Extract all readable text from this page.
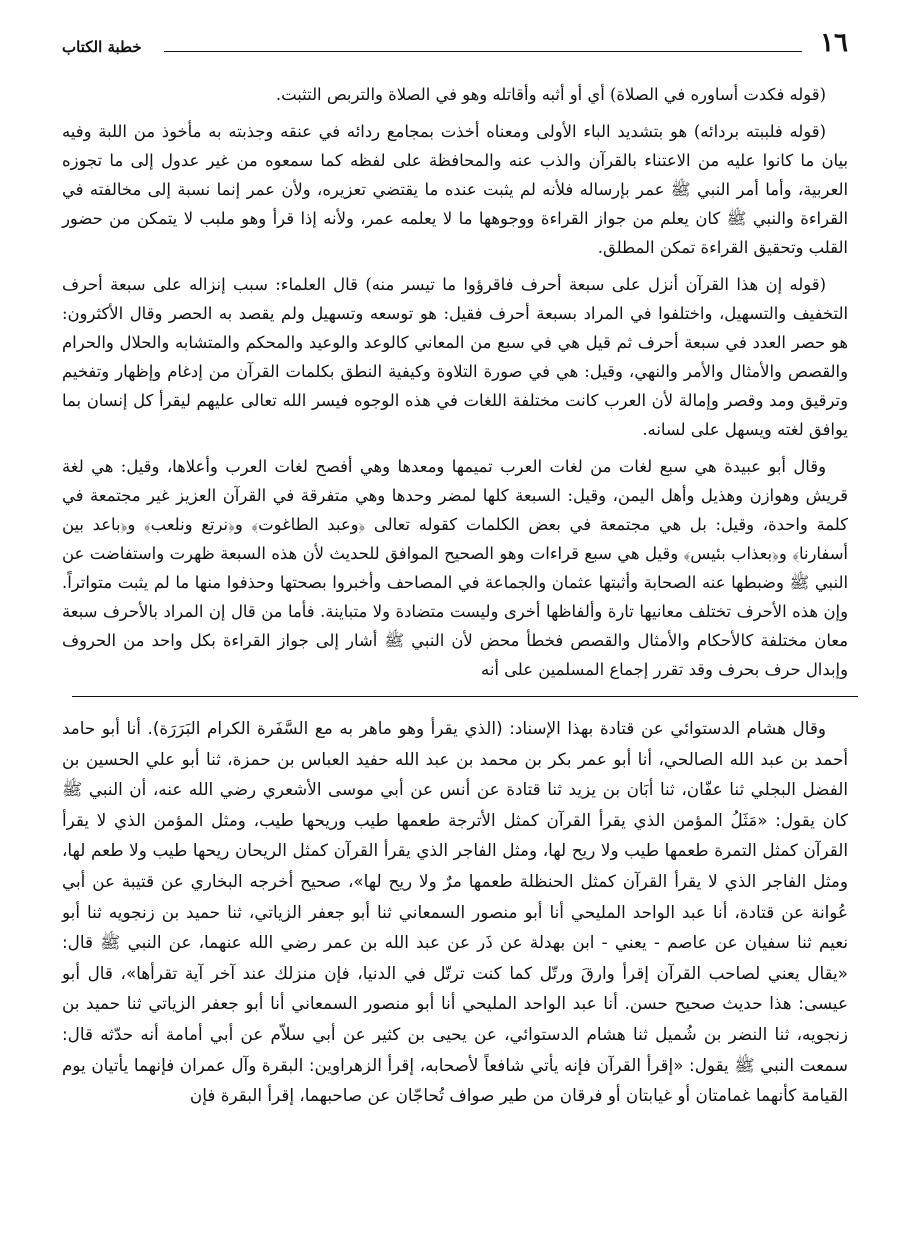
١٦
خطبة الكتاب

(قوله فكدت أساوره في الصلاة) أي أو أثبه وأقاتله وهو في الصلاة والتربص التثبت.

(قوله فلببته بردائه) هو بتشديد الباء الأولى ومعناه أخذت بمجامع ردائه في عنقه وجذبته به مأخوذ من اللبة وفيه بيان ما كانوا عليه من الاعتناء بالقرآن والذب عنه والمحافظة على لفظه كما سمعوه من غير عدول إلى ما تجوزه العربية، وأما أمر النبي ﷺ عمر بإرساله فلأنه لم يثبت عنده ما يقتضي تعزيره، ولأن عمر إنما نسبة إلى مخالفته في القراءة والنبي ﷺ كان يعلم من جواز القراءة ووجوهها ما لا يعلمه عمر، ولأنه إذا قرأ وهو ملبب لا يتمكن من حضور القلب وتحقيق القراءة تمكن المطلق.

(قوله إن هذا القرآن أنزل على سبعة أحرف فاقرؤوا ما تيسر منه) قال العلماء: سبب إنزاله على سبعة أحرف التخفيف والتسهيل، واختلفوا في المراد بسبعة أحرف فقيل: هو توسعه وتسهيل ولم يقصد به الحصر وقال الأكثرون: هو حصر العدد في سبعة أحرف ثم قيل هي في سبع من المعاني كالوعد والوعيد والمحكم والمتشابه والحلال والحرام والقصص والأمثال والأمر والنهي، وقيل: هي في صورة التلاوة وكيفية النطق بكلمات القرآن من إدغام وإظهار وتفخيم وترقيق ومد وقصر وإمالة لأن العرب كانت مختلفة اللغات في هذه الوجوه فيسر الله تعالى عليهم ليقرأ كل إنسان بما يوافق لغته ويسهل على لسانه.

وقال أبو عبيدة هي سبع لغات من لغات العرب تميمها ومعدها وهي أفصح لغات العرب وأعلاها، وقيل: هي لغة قريش وهوازن وهذيل وأهل اليمن، وقيل: السبعة كلها لمضر وحدها وهي متفرقة في القرآن العزيز غير مجتمعة في كلمة واحدة، وقيل: بل هي مجتمعة في بعض الكلمات كقوله تعالى ﴿وعبد الطاغوت﴾ و﴿نرتع ونلعب﴾ و﴿باعد بين أسفارنا﴾ و﴿بعذاب بئيس﴾ وقيل هي سبع قراءات وهو الصحيح الموافق للحديث لأن هذه السبعة ظهرت واستفاضت عن النبي ﷺ وضبطها عنه الصحابة وأثبتها عثمان والجماعة في المصاحف وأخبروا بصحتها وحذفوا منها ما لم يثبت متواتراً. وإن هذه الأحرف تختلف معانيها تارة وألفاظها أخرى وليست متضادة ولا متباينة. فأما من قال إن المراد بالأحرف سبعة معان مختلفة كالأحكام والأمثال والقصص فخطأ محض لأن النبي ﷺ أشار إلى جواز القراءة بكل واحد من الحروف وإبدال حرف بحرف وقد تقرر إجماع المسلمين على أنه

وقال هشام الدستوائي عن قتادة بهذا الإسناد: (الذي يقرأ وهو ماهر به مع السَّفَرة الكرام البَرَرَة). أنا أبو حامد أحمد بن عبد الله الصالحي، أنا أبو عمر بكر بن محمد بن عبد الله حفيد العباس بن حمزة، ثنا أبو علي الحسين بن الفضل البجلي ثنا عفّان، ثنا أبَان بن يزيد ثنا قتادة عن أنس عن أبي موسى الأشعري رضي الله عنه، أن النبي ﷺ كان يقول: «مَثَلُ المؤمن الذي يقرأ القرآن كمثل الأترجة طعمها طيب وريحها طيب، ومثل المؤمن الذي لا يقرأ القرآن كمثل التمرة طعمها طيب ولا ريح لها، ومثل الفاجر الذي يقرأ القرآن كمثل الريحان ريحها طيب ولا طعم لها، ومثل الفاجر الذي لا يقرأ القرآن كمثل الحنظلة طعمها مرٌ ولا ريح لها»، صحيح أخرجه البخاري عن قتيبة عن أبي عُوانة عن قتادة، أنا عبد الواحد المليحي أنا أبو منصور السمعاني ثنا أبو جعفر الزياتي، ثنا حميد بن زنجويه ثنا أبو نعيم ثنا سفيان عن عاصم - يعني - ابن بهدلة عن ذَر عن عبد الله بن عمر رضي الله عنهما، عن النبي ﷺ قال: «يقال يعني لصاحب القرآن إقرأ وارقَ ورتّل كما كنت ترتّل في الدنيا، فإن منزلك عند آخر آية تقرأها»، قال أبو عيسى: هذا حديث صحيح حسن. أنا عبد الواحد المليحي أنا أبو منصور السمعاني أنا أبو جعفر الزياتي ثنا حميد بن زنجويه، ثنا النضر بن شُميل ثنا هشام الدستوائي، عن يحيى بن كثير عن أبي سلاّم عن أبي أمامة أنه حدّثه قال: سمعت النبي ﷺ يقول: «إقرأ القرآن فإنه يأتي شافعاً لأصحابه، إقرأ الزهراوين: البقرة وآل عمران فإنهما يأتيان يوم القيامة كأنهما غمامتان أو غيابتان أو فرقان من طير صواف تُحاجّان عن صاحبهما، إقرأ البقرة فإن
